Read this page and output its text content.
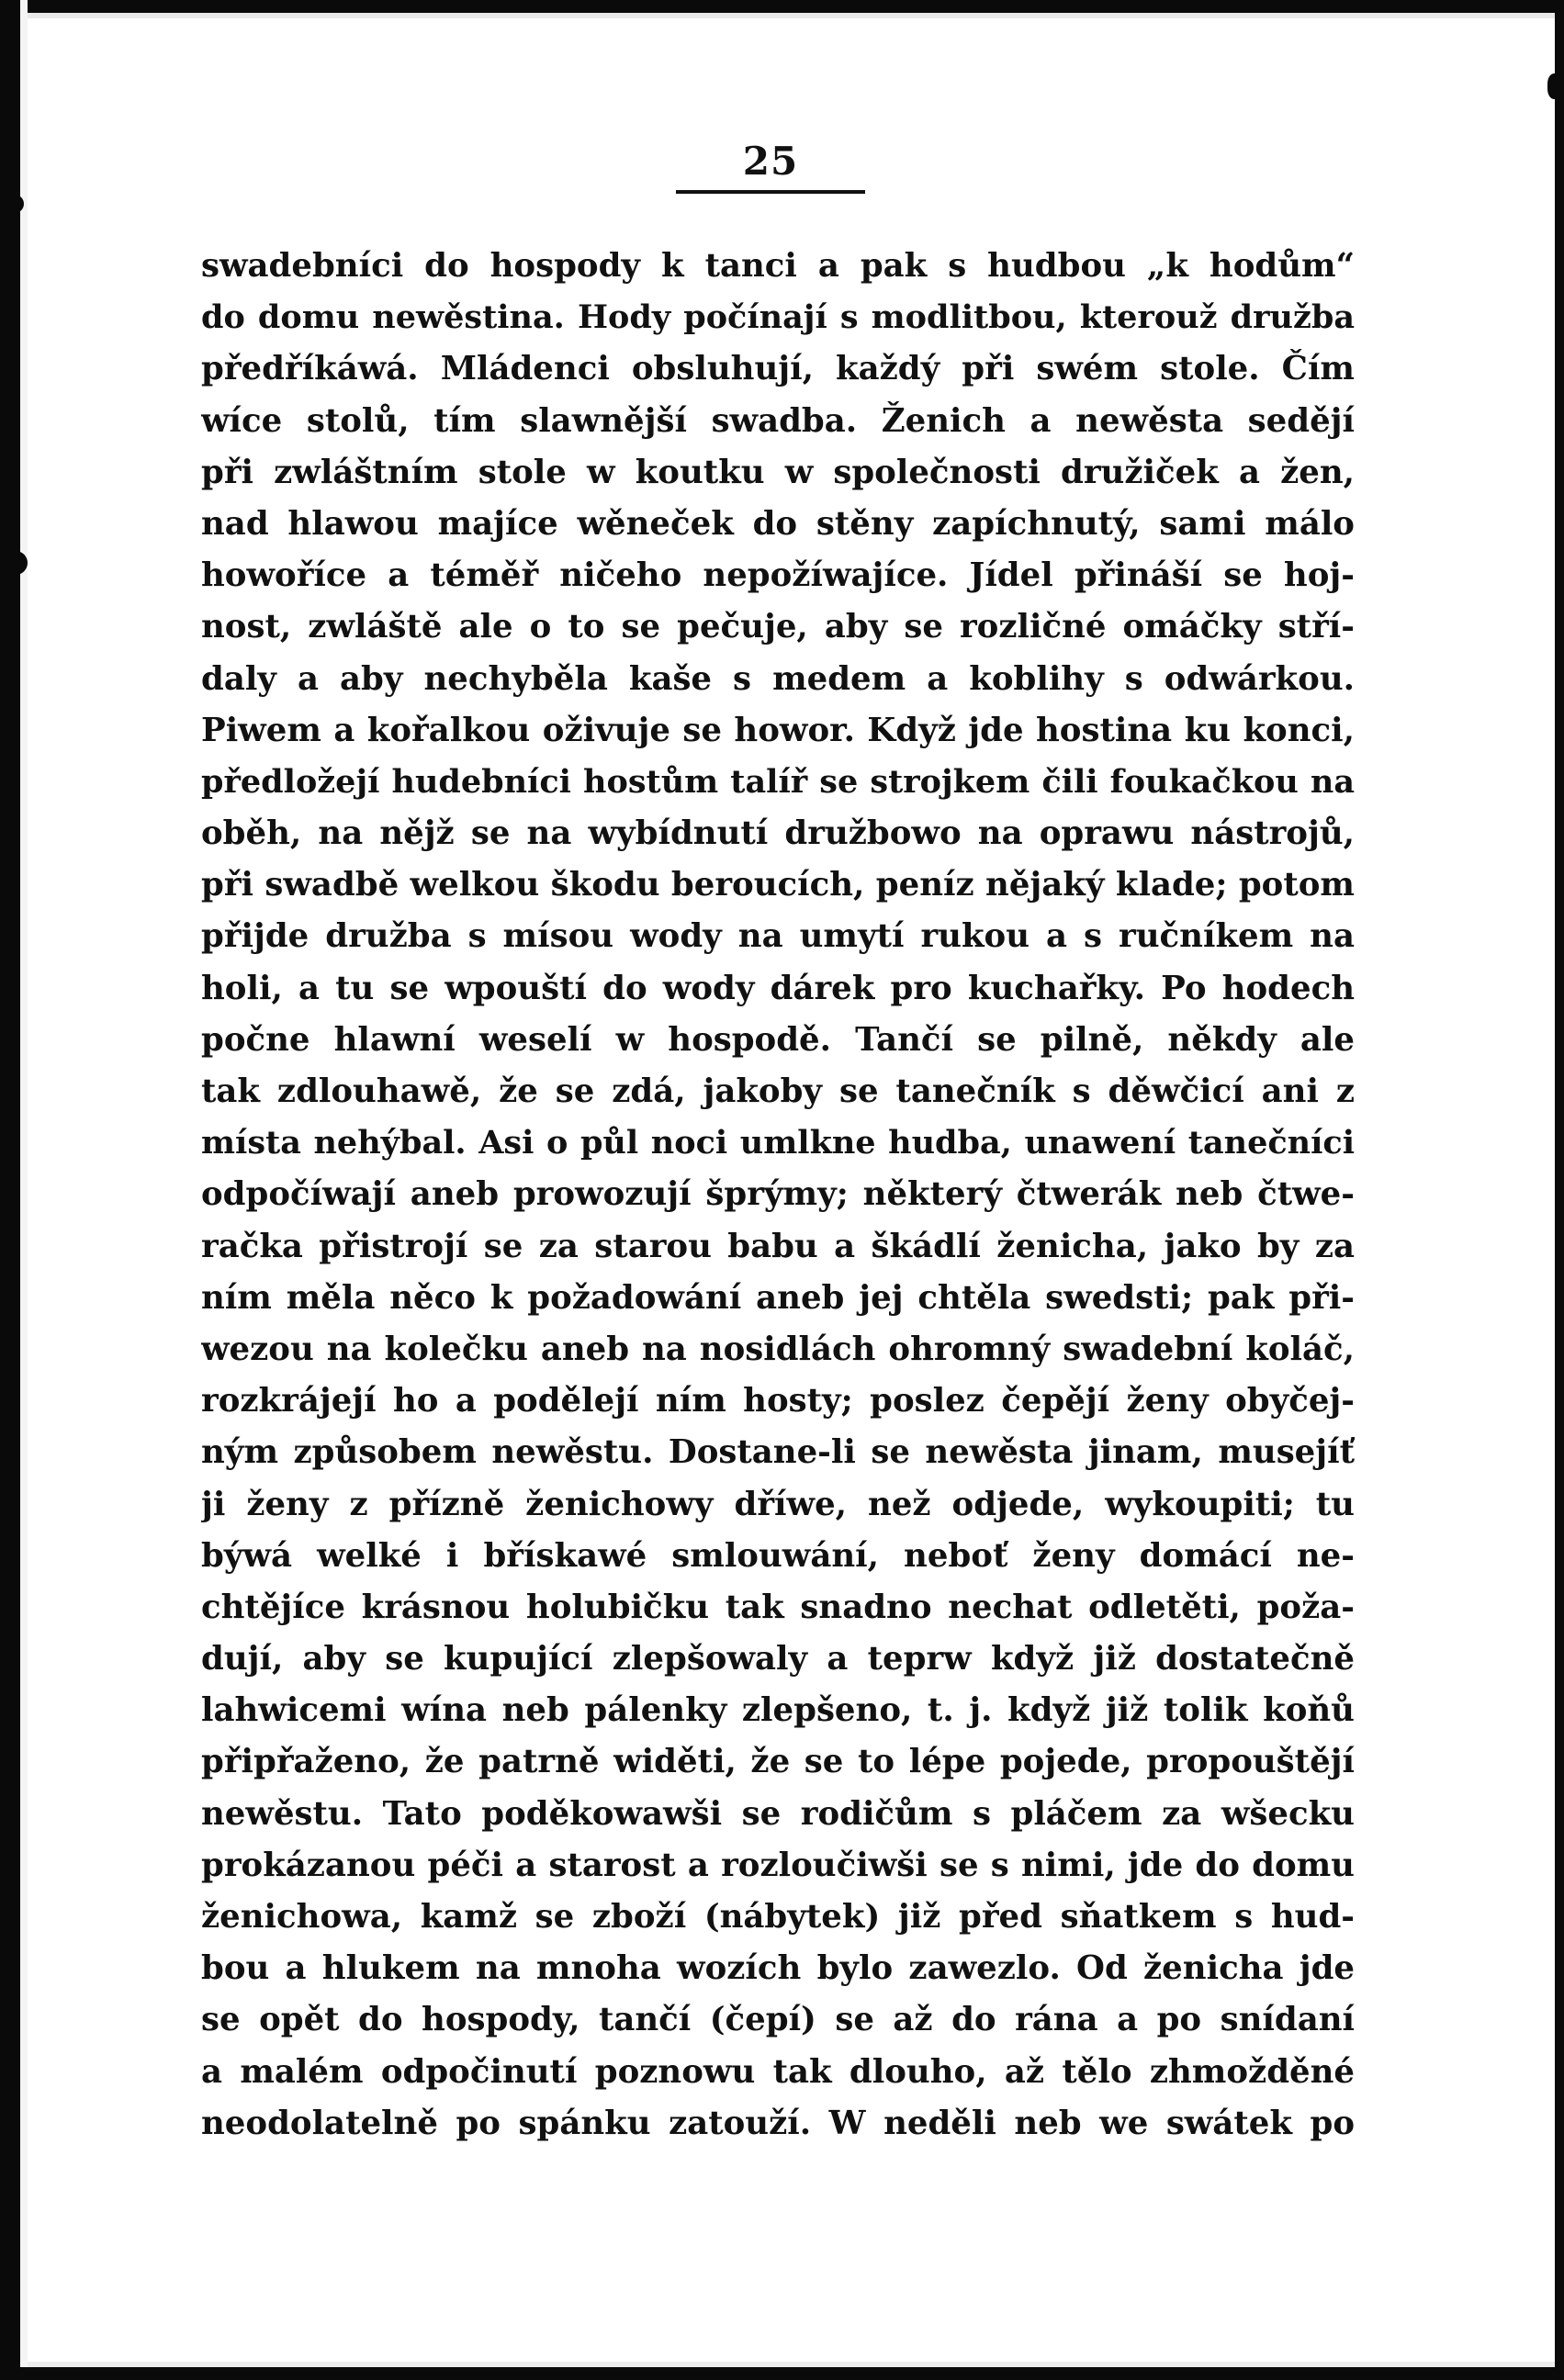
25
swadebníci do hospody k tanci a pak s hudbou „k hodům“
do domu newěstina. Hody počínají s modlitbou, kterouž družba
předříkáwá. Mládenci obsluhují, každý při swém stole. Čím
wíce stolů, tím slawnější swadba. Ženich a newěsta sedějí
při zwláštním stole w koutku w společnosti družiček a žen,
nad hlawou majíce wěneček do stěny zapíchnutý, sami málo
howoříce a téměř ničeho nepožíwajíce. Jídel přináší se hoj-
nost, zwláště ale o to se pečuje, aby se rozličné omáčky stří-
daly a aby nechyběla kaše s medem a koblihy s odwárkou.
Piwem a kořalkou oživuje se howor. Když jde hostina ku konci,
předložejí hudebníci hostům talíř se strojkem čili foukačkou na
oběh, na nějž se na wybídnutí družbowo na oprawu nástrojů,
při swadbě welkou škodu beroucích, peníz nějaký klade; potom
přijde družba s mísou wody na umytí rukou a s ručníkem na
holi, a tu se wpouští do wody dárek pro kuchařky. Po hodech
počne hlawní weselí w hospodě. Tančí se pilně, někdy ale
tak zdlouhawě, že se zdá, jakoby se tanečník s děwčicí ani z
místa nehýbal. Asi o půl noci umlkne hudba, unawení tanečníci
odpočíwají aneb prowozují šprýmy; některý čtwerák neb čtwe-
račka přistrojí se za starou babu a škádlí ženicha, jako by za
ním měla něco k požadowání aneb jej chtěla swedsti; pak při-
wezou na kolečku aneb na nosidlách ohromný swadební koláč,
rozkrájejí ho a podělejí ním hosty; poslez čepějí ženy obyčej-
ným způsobem newěstu. Dostane-li se newěsta jinam, musejíť
ji ženy z přízně ženichowy dříwe, než odjede, wykoupiti; tu
býwá welké i břískawé smlouwání, neboť ženy domácí ne-
chtějíce krásnou holubičku tak snadno nechat odletěti, poža-
dují, aby se kupující zlepšowaly a teprw když již dostatečně
lahwicemi wína neb pálenky zlepšeno, t. j. když již tolik koňů
připřaženo, že patrně widěti, že se to lépe pojede, propouštějí
newěstu. Tato poděkowawši se rodičům s pláčem za wšecku
prokázanou péči a starost a rozloučiwši se s nimi, jde do domu
ženichowa, kamž se zboží (nábytek) již před sňatkem s hud-
bou a hlukem na mnoha wozích bylo zawezlo. Od ženicha jde
se opět do hospody, tančí (čepí) se až do rána a po snídaní
a malém odpočinutí poznowu tak dlouho, až tělo zhmožděné
neodolatelně po spánku zatouží. W neděli neb we swátek po
